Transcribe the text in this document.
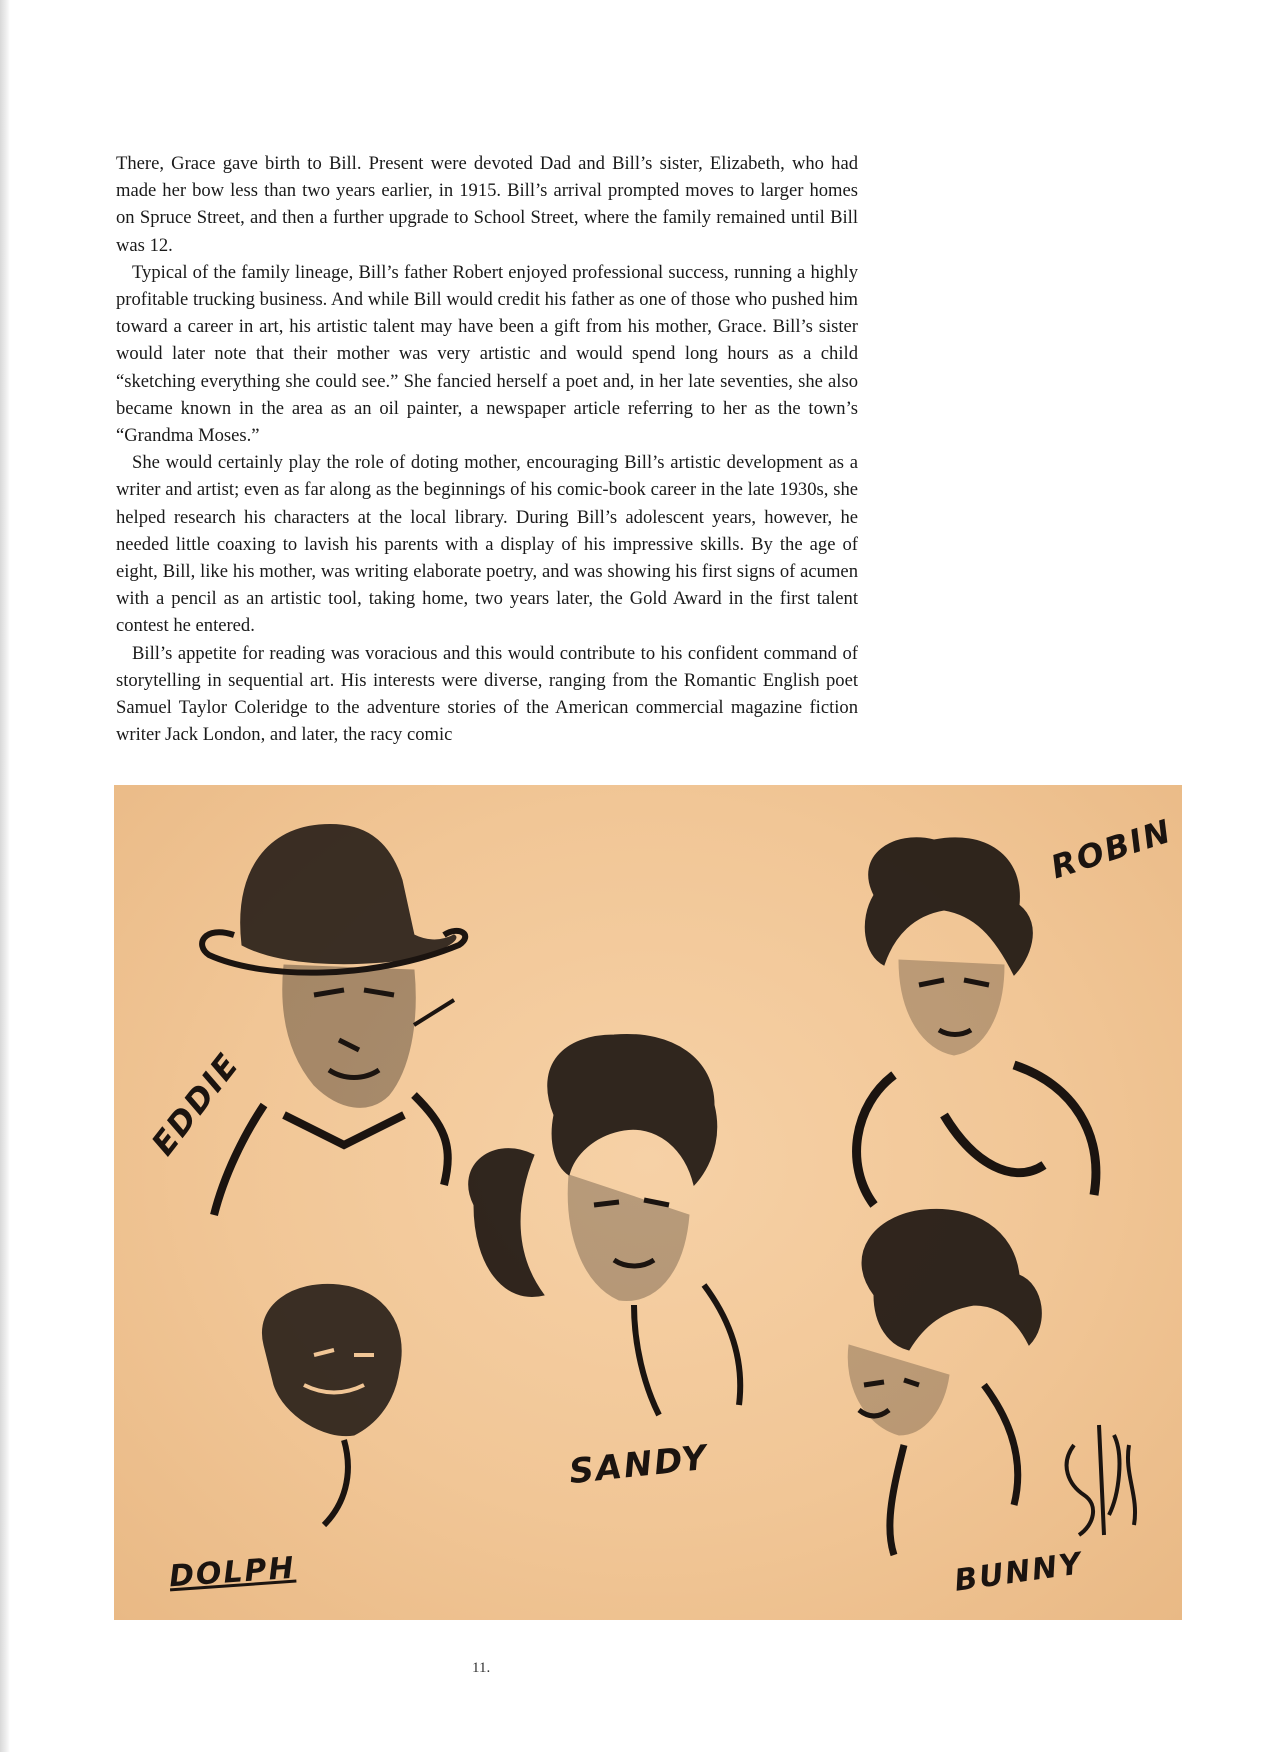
There, Grace gave birth to Bill. Present were devoted Dad and Bill’s sister, Elizabeth, who had made her bow less than two years earlier, in 1915. Bill’s arrival prompted moves to larger homes on Spruce Street, and then a further upgrade to School Street, where the family remained until Bill was 12.

Typical of the family lineage, Bill’s father Robert enjoyed professional success, running a highly profitable trucking business. And while Bill would credit his father as one of those who pushed him toward a career in art, his artistic talent may have been a gift from his mother, Grace. Bill’s sister would later note that their mother was very artistic and would spend long hours as a child “sketching everything she could see.” She fancied herself a poet and, in her late seventies, she also became known in the area as an oil painter, a newspaper article referring to her as the town’s “Grandma Moses.”

She would certainly play the role of doting mother, encouraging Bill’s artistic development as a writer and artist; even as far along as the beginnings of his comic-book career in the late 1930s, she helped research his characters at the local library. During Bill’s adolescent years, however, he needed little coaxing to lavish his parents with a display of his impressive skills. By the age of eight, Bill, like his mother, was writing elaborate poetry, and was showing his first signs of acumen with a pencil as an artistic tool, taking home, two years later, the Gold Award in the first talent contest he entered.

Bill’s appetite for reading was voracious and this would contribute to his confident command of storytelling in sequential art. His interests were diverse, ranging from the Romantic English poet Samuel Taylor Coleridge to the adventure stories of the American commercial magazine fiction writer Jack London, and later, the racy comic

EDDIE
ROBIN
SANDY
DOLPH	BUNNY
11.
